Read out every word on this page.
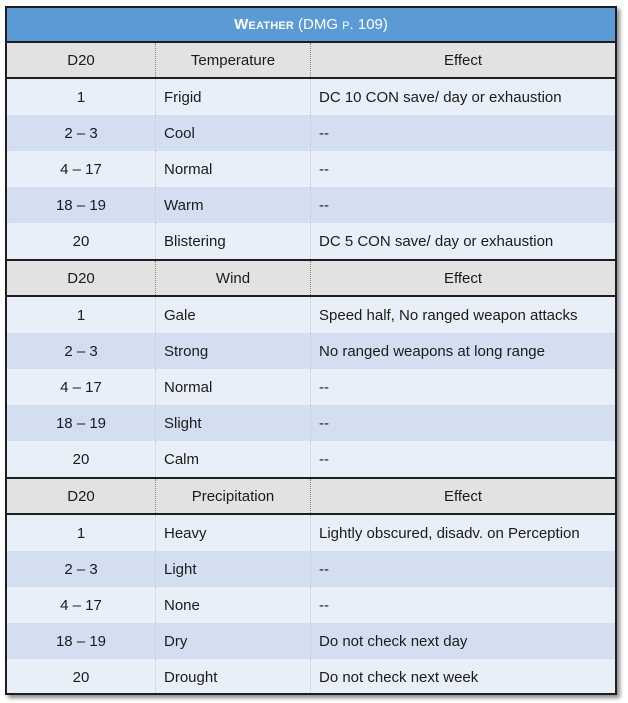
Weather (DMG p. 109)
D20	Temperature	Effect
1	Frigid	DC 10 CON save/ day or exhaustion
2 – 3	Cool	--
4 – 17	Normal	--
18 – 19	Warm	--
20	Blistering	DC 5 CON save/ day or exhaustion
D20	Wind	Effect
1	Gale	Speed half, No ranged weapon attacks
2 – 3	Strong	No ranged weapons at long range
4 – 17	Normal	--
18 – 19	Slight	--
20	Calm	--
D20	Precipitation	Effect
1	Heavy	Lightly obscured, disadv. on Perception
2 – 3	Light	--
4 – 17	None	--
18 – 19	Dry	Do not check next day
20	Drought	Do not check next week
